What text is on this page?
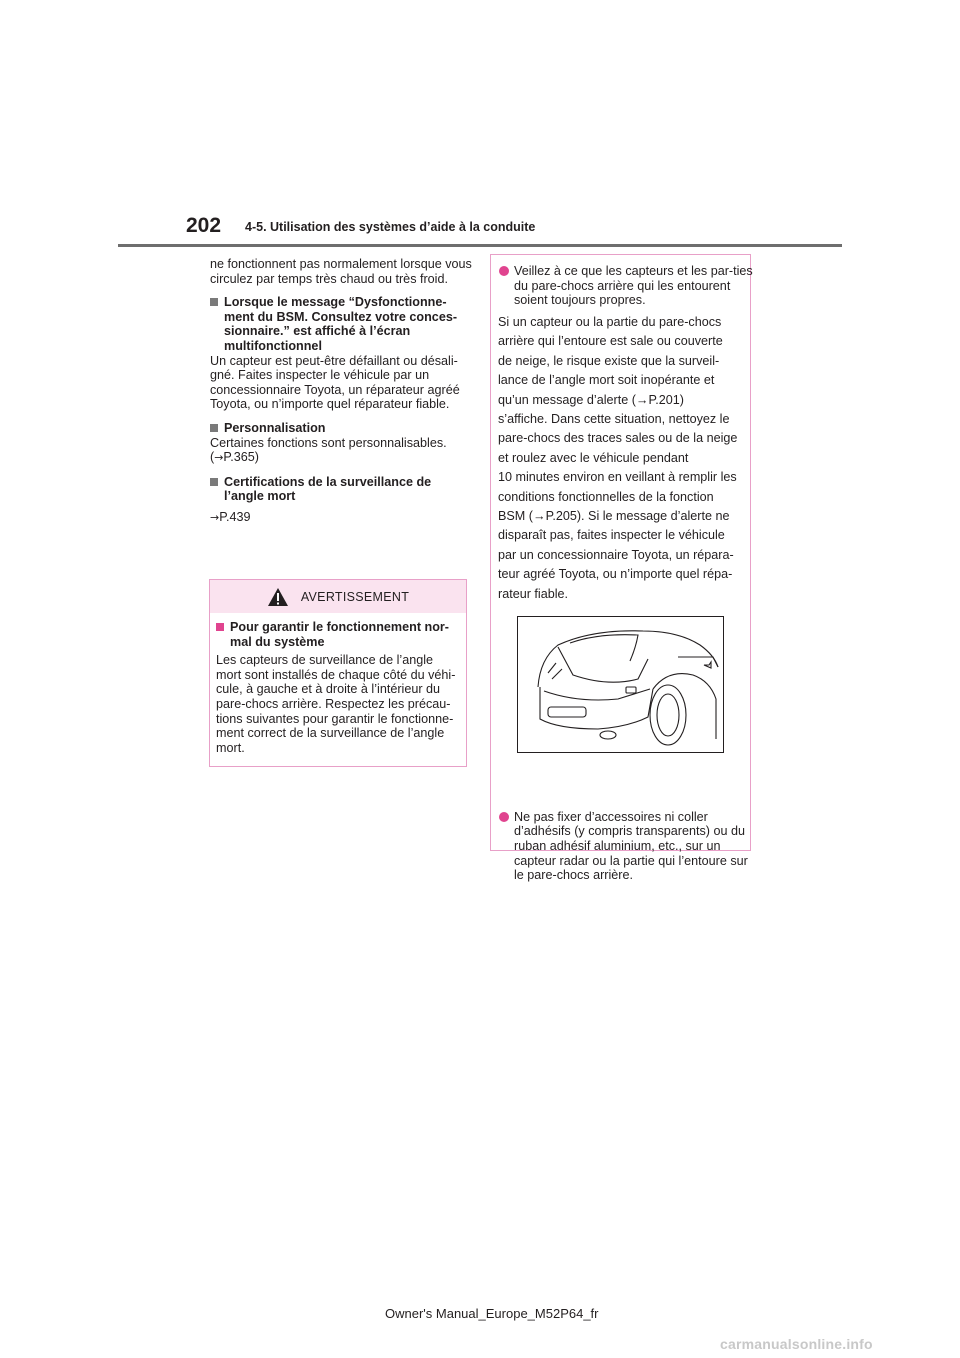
202 4-5. Utilisation des systèmes d’aide à la conduite

ne fonctionnent pas normalement lorsque vous circulez par temps très chaud ou très froid.

Lorsque le message “Dysfonctionne-ment du BSM. Consultez votre conces-sionnaire.” est affiché à l’écran multifonctionnel

Un capteur est peut-être défaillant ou désali-gné. Faites inspecter le véhicule par un concessionnaire Toyota, un réparateur agréé Toyota, ou n’importe quel réparateur fiable.

Personnalisation

Certaines fonctions sont personnalisables.

(→P.365)

Certifications de la surveillance de l’angle mort

→P.439

AVERTISSEMENT

Pour garantir le fonctionnement nor-mal du système

Les capteurs de surveillance de l’angle mort sont installés de chaque côté du véhi-cule, à gauche et à droite à l’intérieur du pare-chocs arrière. Respectez les précau-tions suivantes pour garantir le fonctionne-ment correct de la surveillance de l’angle mort.

Veillez à ce que les capteurs et les par-ties du pare-chocs arrière qui les entourent soient toujours propres.

Si un capteur ou la partie du pare-chocs

arrière qui l’entoure est sale ou couverte

de neige, le risque existe que la surveil-

lance de l’angle mort soit inopérante et

qu’un message d’alerte (→P.201)

s’affiche. Dans cette situation, nettoyez le

pare-chocs des traces sales ou de la neige

et roulez avec le véhicule pendant

10 minutes environ en veillant à remplir les

conditions fonctionnelles de la fonction

BSM (→P.205). Si le message d’alerte ne

disparaît pas, faites inspecter le véhicule

par un concessionnaire Toyota, un répara-

teur agréé Toyota, ou n’importe quel répa-

rateur fiable.

Ne pas fixer d’accessoires ni coller d’adhésifs (y compris transparents) ou du ruban adhésif aluminium, etc., sur un capteur radar ou la partie qui l’entoure sur le pare-chocs arrière.
Owner's Manual_Europe_M52P64_fr
carmanualsonline.info
